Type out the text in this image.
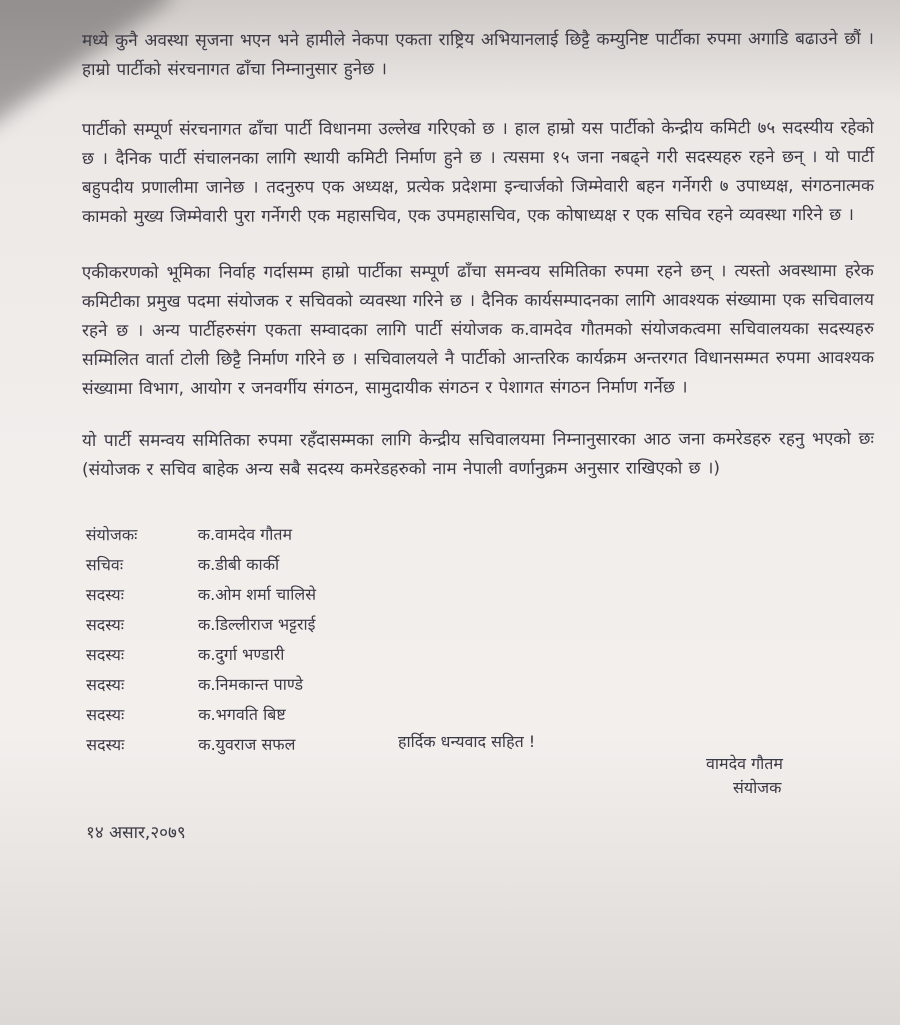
मध्ये कुनै अवस्था सृजना भएन भने हामीले नेकपा एकता राष्ट्रिय अभियानलाई छिट्टै कम्युनिष्ट पार्टीका रुपमा अगाडि बढाउने छौं । हाम्रो पार्टीको संरचनागत ढाँचा निम्नानुसार हुनेछ ।

पार्टीको सम्पूर्ण संरचनागत ढाँचा पार्टी विधानमा उल्लेख गरिएको छ । हाल हाम्रो यस पार्टीको केन्द्रीय कमिटी ७५ सदस्यीय रहेको छ । दैनिक पार्टी संचालनका लागि स्थायी कमिटी निर्माण हुने छ । त्यसमा १५ जना नबढ्ने गरी सदस्यहरु रहने छन् । यो पार्टी बहुपदीय प्रणालीमा जानेछ । तदनुरुप एक अध्यक्ष, प्रत्येक प्रदेशमा इन्चार्जको जिम्मेवारी बहन गर्नेगरी ७ उपाध्यक्ष, संगठनात्मक कामको मुख्य जिम्मेवारी पुरा गर्नेगरी एक महासचिव, एक उपमहासचिव, एक कोषाध्यक्ष र एक सचिव रहने व्यवस्था गरिने छ ।

एकीकरणको भूमिका निर्वाह गर्दासम्म हाम्रो पार्टीका सम्पूर्ण ढाँचा समन्वय समितिका रुपमा रहने छन् । त्यस्तो अवस्थामा हरेक कमिटीका प्रमुख पदमा संयोजक र सचिवको व्यवस्था गरिने छ । दैनिक कार्यसम्पादनका लागि आवश्यक संख्यामा एक सचिवालय रहने छ । अन्य पार्टीहरुसंग एकता सम्वादका लागि पार्टी संयोजक क.वामदेव गौतमको संयोजकत्वमा सचिवालयका सदस्यहरु सम्मिलित वार्ता टोली छिट्टै निर्माण गरिने छ । सचिवालयले नै पार्टीको आन्तरिक कार्यक्रम अन्तरगत विधानसम्मत रुपमा आवश्यक संख्यामा विभाग, आयोग र जनवर्गीय संगठन, सामुदायीक संगठन र पेशागत संगठन निर्माण गर्नेछ ।

यो पार्टी समन्वय समितिका रुपमा रहँदासम्मका लागि केन्द्रीय सचिवालयमा निम्नानुसारका आठ जना कमरेडहरु रहनु भएको छः (संयोजक र सचिव बाहेक अन्य सबै सदस्य कमरेडहरुको नाम नेपाली वर्णानुक्रम अनुसार राखिएको छ ।)

संयोजकः	क.वामदेव गौतम
सचिवः	क.डीबी कार्की
सदस्यः	क.ओम शर्मा चालिसे
सदस्यः	क.डिल्लीराज भट्टराई
सदस्यः	क.दुर्गा भण्डारी
सदस्यः	क.निमकान्त पाण्डे
सदस्यः	क.भगवति बिष्ट
सदस्यः	क.युवराज सफल	हार्दिक धन्यवाद सहित !
वामदेव गौतम
संयोजक
१४ असार,२०७९
